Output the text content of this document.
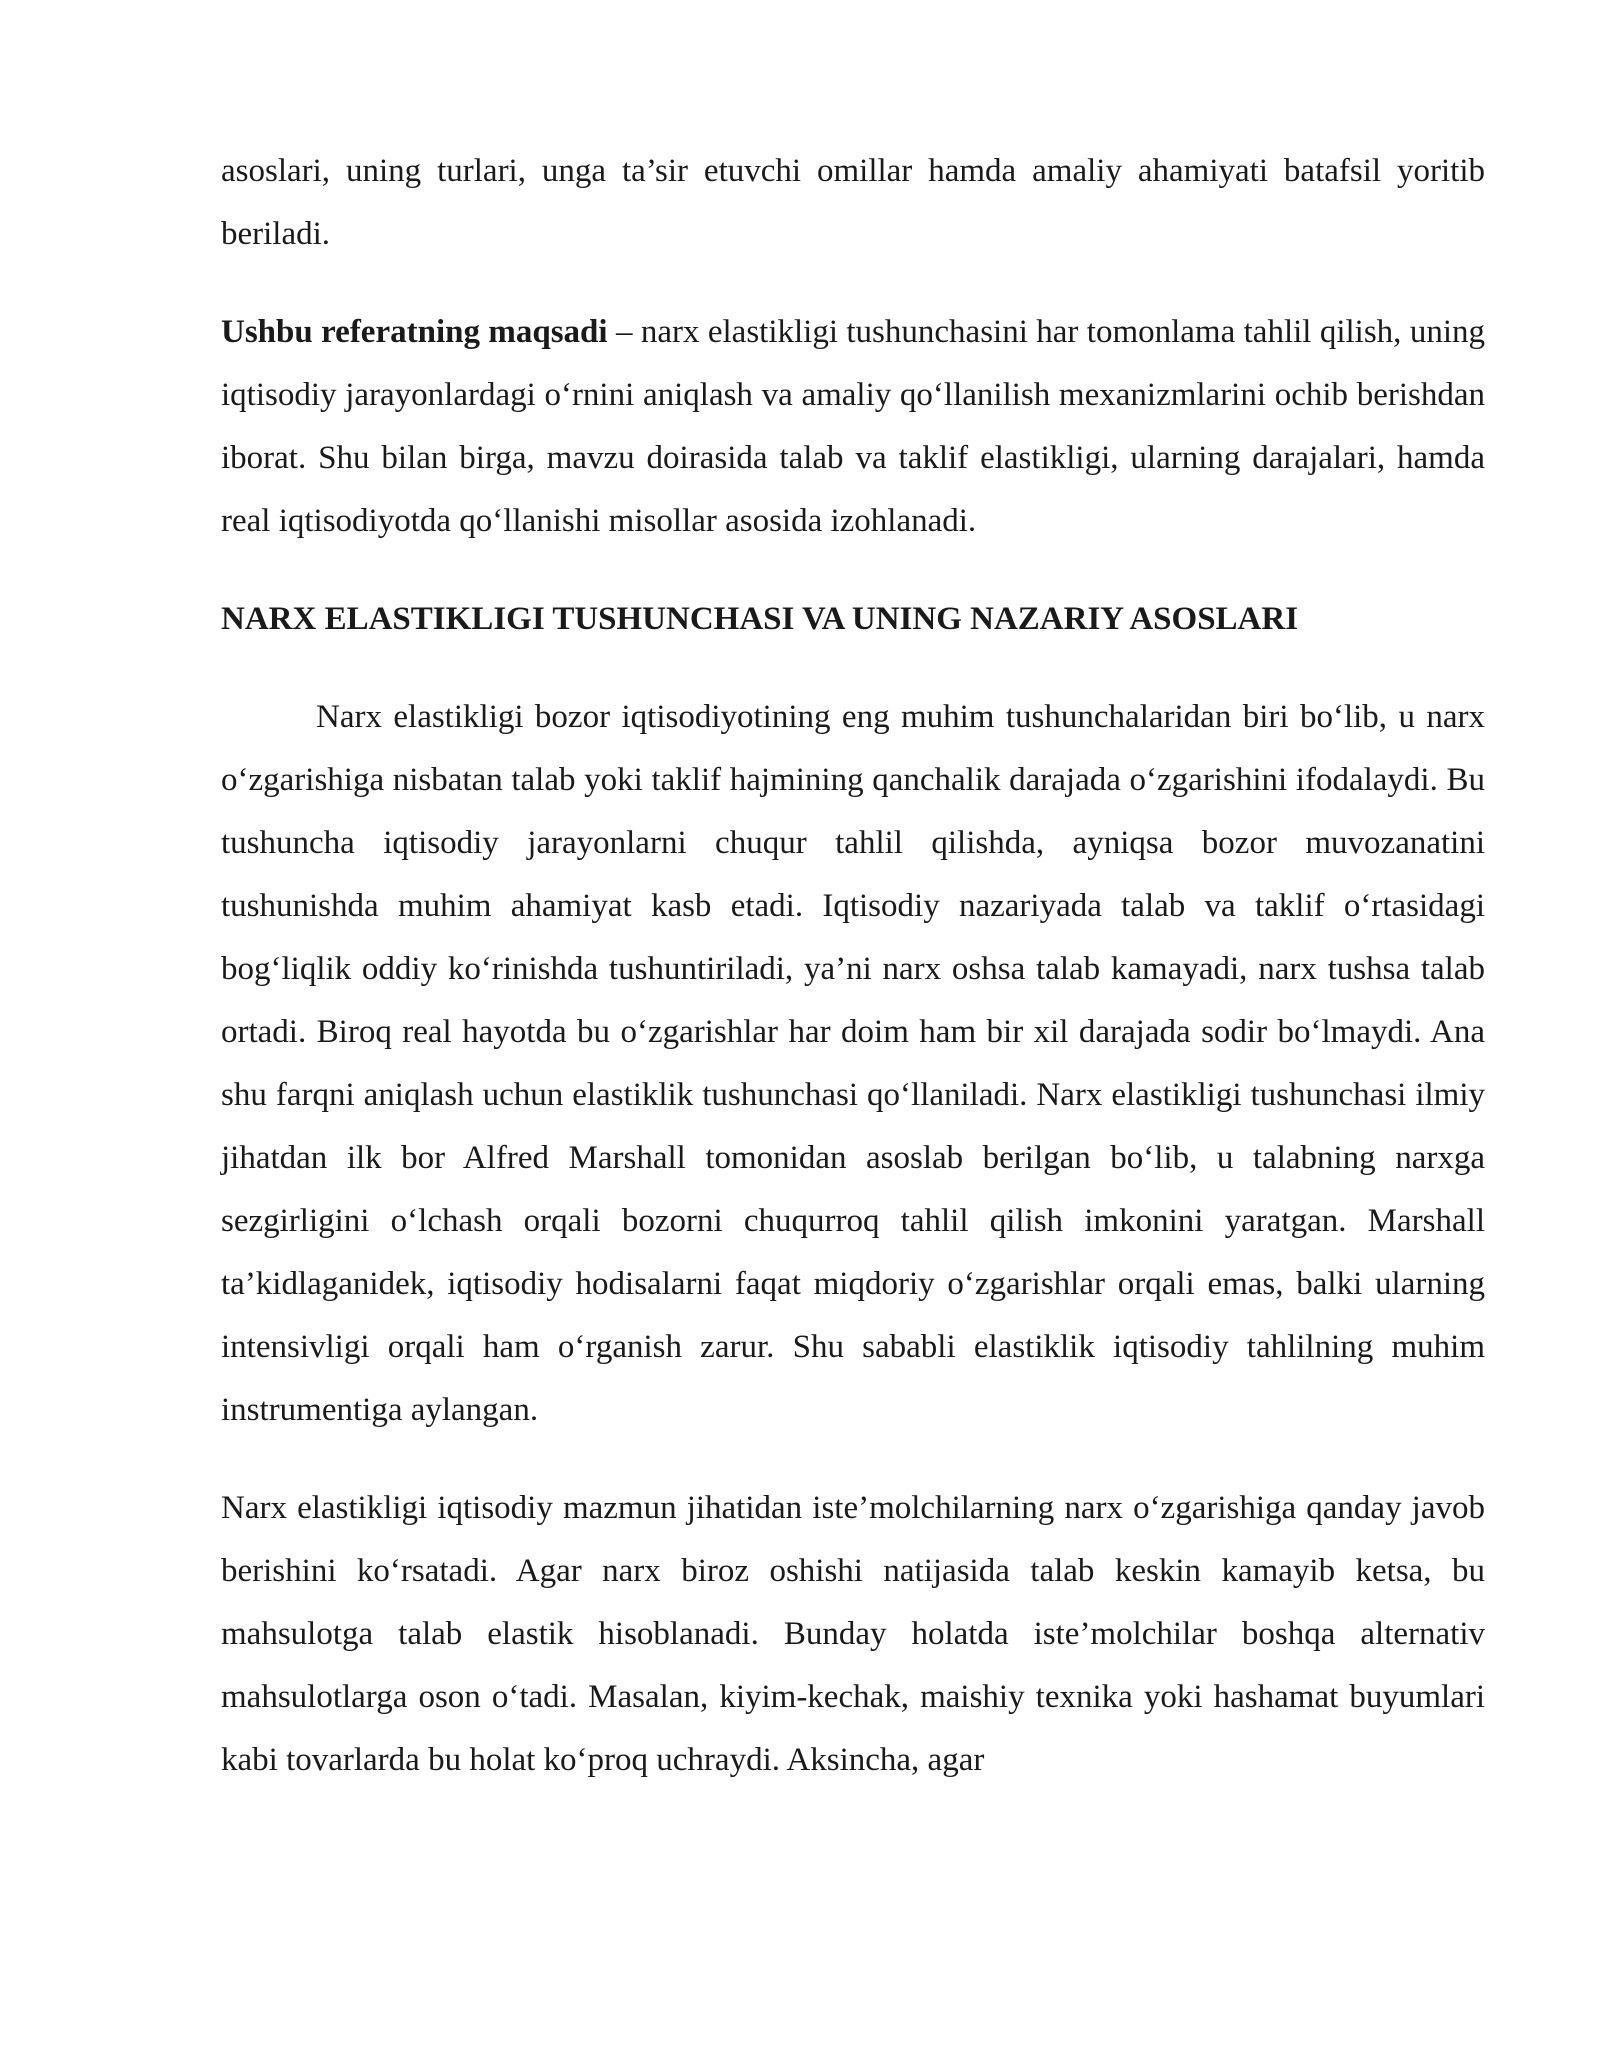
asoslari, uning turlari, unga ta’sir etuvchi omillar hamda amaliy ahamiyati batafsil yoritib beriladi.

Ushbu referatning maqsadi – narx elastikligi tushunchasini har tomonlama tahlil qilish, uning iqtisodiy jarayonlardagi o‘rnini aniqlash va amaliy qo‘llanilish mexanizmlarini ochib berishdan iborat. Shu bilan birga, mavzu doirasida talab va taklif elastikligi, ularning darajalari, hamda real iqtisodiyotda qo‘llanishi misollar asosida izohlanadi.

NARX ELASTIKLIGI TUSHUNCHASI VA UNING NAZARIY ASOSLARI

Narx elastikligi bozor iqtisodiyotining eng muhim tushunchalaridan biri bo‘lib, u narx o‘zgarishiga nisbatan talab yoki taklif hajmining qanchalik darajada o‘zgarishini ifodalaydi. Bu tushuncha iqtisodiy jarayonlarni chuqur tahlil qilishda, ayniqsa bozor muvozanatini tushunishda muhim ahamiyat kasb etadi. Iqtisodiy nazariyada talab va taklif o‘rtasidagi bog‘liqlik oddiy ko‘rinishda tushuntiriladi, ya’ni narx oshsa talab kamayadi, narx tushsa talab ortadi. Biroq real hayotda bu o‘zgarishlar har doim ham bir xil darajada sodir bo‘lmaydi. Ana shu farqni aniqlash uchun elastiklik tushunchasi qo‘llaniladi. Narx elastikligi tushunchasi ilmiy jihatdan ilk bor Alfred Marshall tomonidan asoslab berilgan bo‘lib, u talabning narxga sezgirligini o‘lchash orqali bozorni chuqurroq tahlil qilish imkonini yaratgan. Marshall ta’kidlaganidek, iqtisodiy hodisalarni faqat miqdoriy o‘zgarishlar orqali emas, balki ularning intensivligi orqali ham o‘rganish zarur. Shu sababli elastiklik iqtisodiy tahlilning muhim instrumentiga aylangan.

Narx elastikligi iqtisodiy mazmun jihatidan iste’molchilarning narx o‘zgarishiga qanday javob berishini ko‘rsatadi. Agar narx biroz oshishi natijasida talab keskin kamayib ketsa, bu mahsulotga talab elastik hisoblanadi. Bunday holatda iste’molchilar boshqa alternativ mahsulotlarga oson o‘tadi. Masalan, kiyim-kechak, maishiy texnika yoki hashamat buyumlari kabi tovarlarda bu holat ko‘proq uchraydi. Aksincha, agar
